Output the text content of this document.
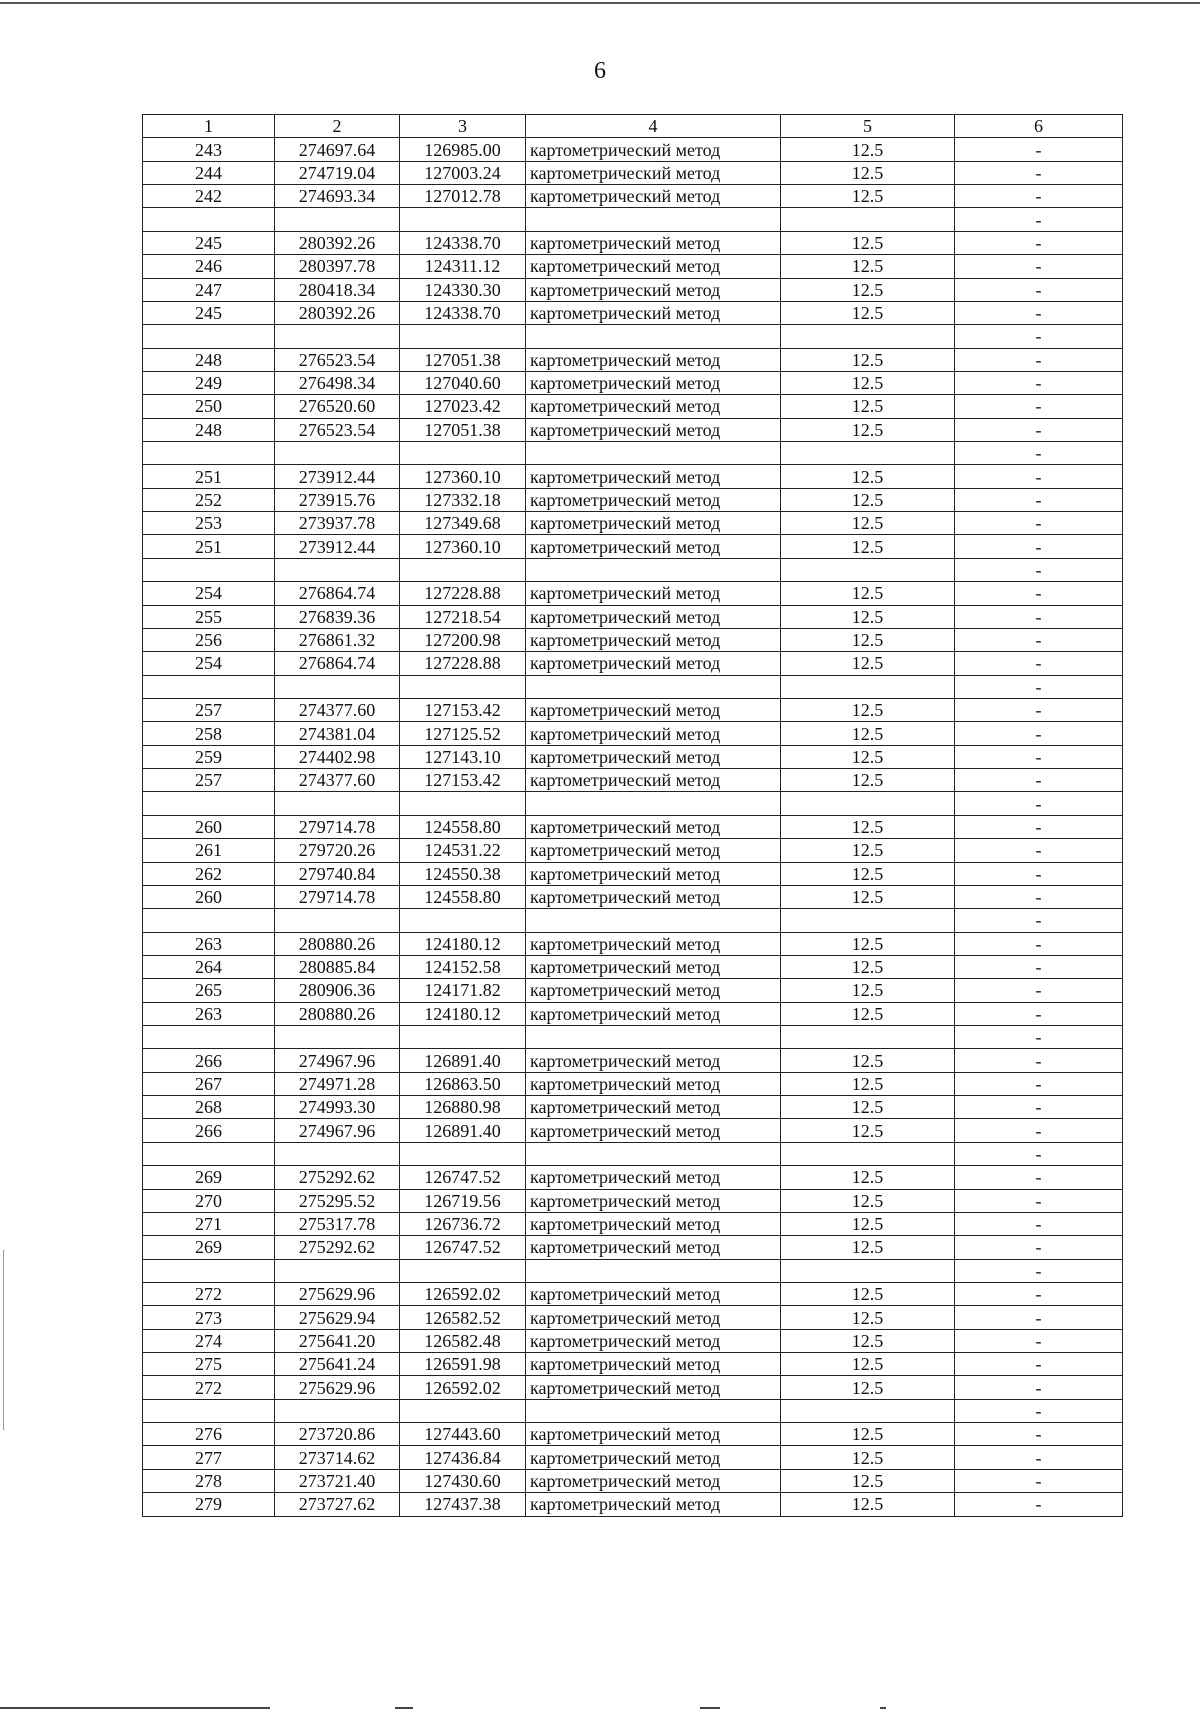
6
1	2	3	4	5	6
243	274697.64	126985.00	картометрический метод	12.5	-
244	274719.04	127003.24	картометрический метод	12.5	-
242	274693.34	127012.78	картометрический метод	12.5	-
					-
245	280392.26	124338.70	картометрический метод	12.5	-
246	280397.78	124311.12	картометрический метод	12.5	-
247	280418.34	124330.30	картометрический метод	12.5	-
245	280392.26	124338.70	картометрический метод	12.5	-
					-
248	276523.54	127051.38	картометрический метод	12.5	-
249	276498.34	127040.60	картометрический метод	12.5	-
250	276520.60	127023.42	картометрический метод	12.5	-
248	276523.54	127051.38	картометрический метод	12.5	-
					-
251	273912.44	127360.10	картометрический метод	12.5	-
252	273915.76	127332.18	картометрический метод	12.5	-
253	273937.78	127349.68	картометрический метод	12.5	-
251	273912.44	127360.10	картометрический метод	12.5	-
					-
254	276864.74	127228.88	картометрический метод	12.5	-
255	276839.36	127218.54	картометрический метод	12.5	-
256	276861.32	127200.98	картометрический метод	12.5	-
254	276864.74	127228.88	картометрический метод	12.5	-
					-
257	274377.60	127153.42	картометрический метод	12.5	-
258	274381.04	127125.52	картометрический метод	12.5	-
259	274402.98	127143.10	картометрический метод	12.5	-
257	274377.60	127153.42	картометрический метод	12.5	-
					-
260	279714.78	124558.80	картометрический метод	12.5	-
261	279720.26	124531.22	картометрический метод	12.5	-
262	279740.84	124550.38	картометрический метод	12.5	-
260	279714.78	124558.80	картометрический метод	12.5	-
					-
263	280880.26	124180.12	картометрический метод	12.5	-
264	280885.84	124152.58	картометрический метод	12.5	-
265	280906.36	124171.82	картометрический метод	12.5	-
263	280880.26	124180.12	картометрический метод	12.5	-
					-
266	274967.96	126891.40	картометрический метод	12.5	-
267	274971.28	126863.50	картометрический метод	12.5	-
268	274993.30	126880.98	картометрический метод	12.5	-
266	274967.96	126891.40	картометрический метод	12.5	-
					-
269	275292.62	126747.52	картометрический метод	12.5	-
270	275295.52	126719.56	картометрический метод	12.5	-
271	275317.78	126736.72	картометрический метод	12.5	-
269	275292.62	126747.52	картометрический метод	12.5	-
					-
272	275629.96	126592.02	картометрический метод	12.5	-
273	275629.94	126582.52	картометрический метод	12.5	-
274	275641.20	126582.48	картометрический метод	12.5	-
275	275641.24	126591.98	картометрический метод	12.5	-
272	275629.96	126592.02	картометрический метод	12.5	-
					-
276	273720.86	127443.60	картометрический метод	12.5	-
277	273714.62	127436.84	картометрический метод	12.5	-
278	273721.40	127430.60	картометрический метод	12.5	-
279	273727.62	127437.38	картометрический метод	12.5	-
